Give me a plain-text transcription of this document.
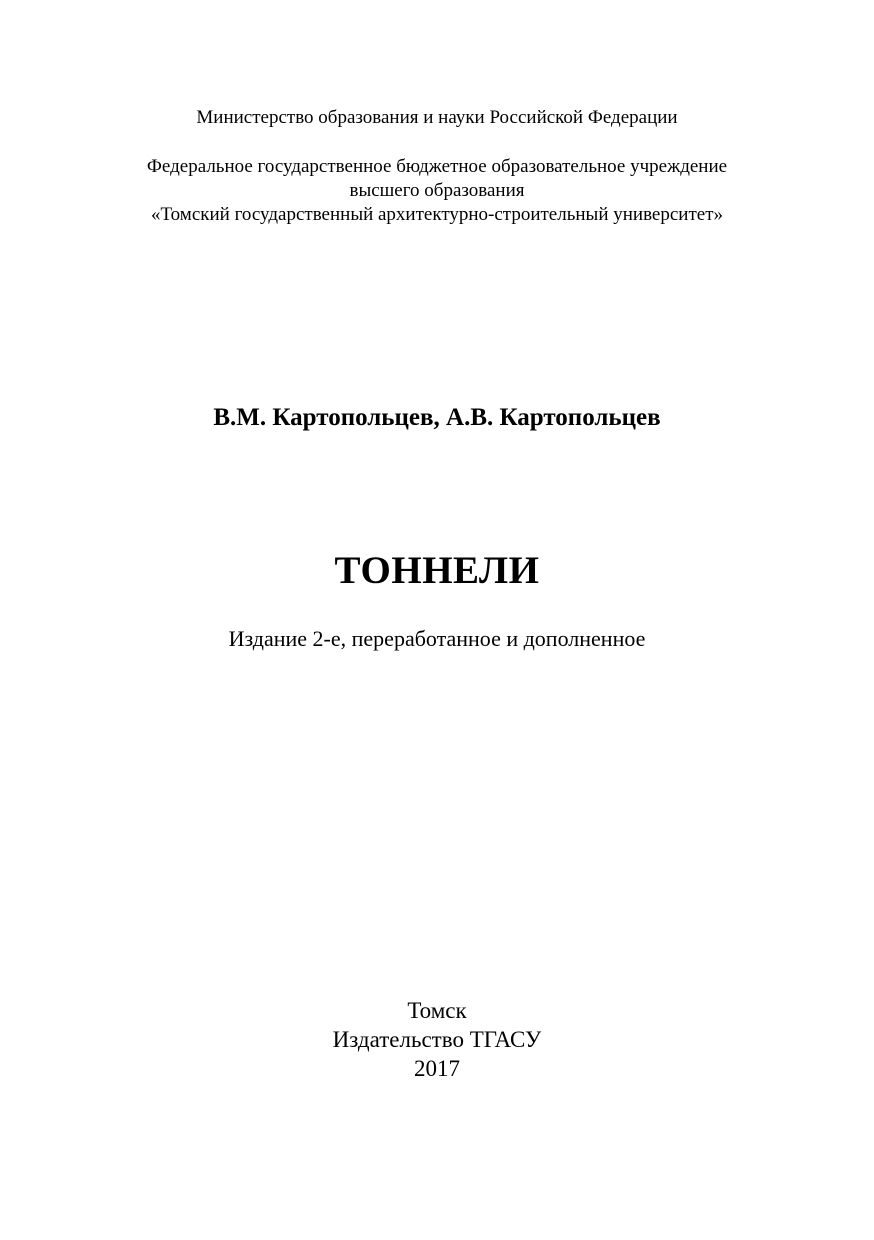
Министерство образования и науки Российской Федерации
Федеральное государственное бюджетное образовательное учреждение
высшего образования
«Томский государственный архитектурно-строительный университет»
В.М. Картопольцев, А.В. Картопольцев
ТОННЕЛИ
Издание 2-е, переработанное и дополненное
Томск
Издательство ТГАСУ
2017
